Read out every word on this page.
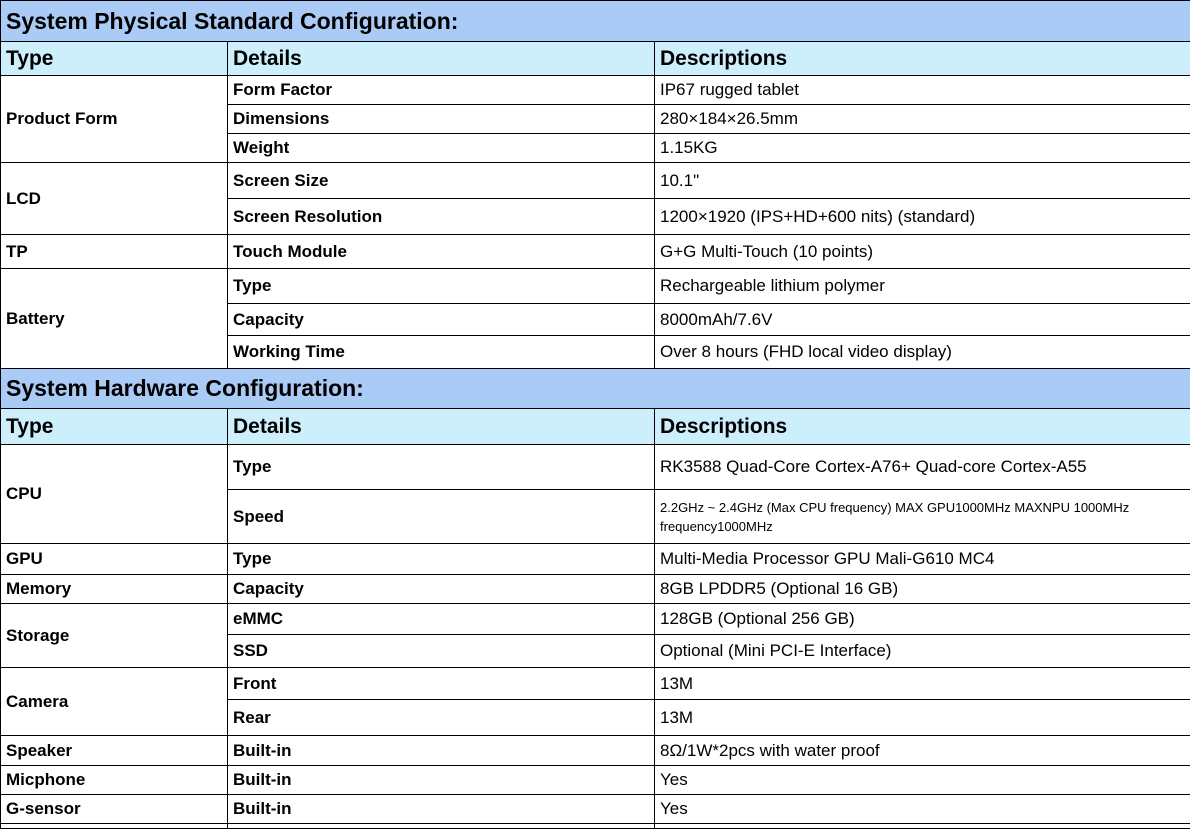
System Physical Standard Configuration:		
Type	Details	Descriptions
Product Form	Form Factor	IP67 rugged tablet
	Dimensions	280×184×26.5mm
	Weight	1.15KG
LCD	Screen Size	10.1"
	Screen Resolution	1200×1920 (IPS+HD+600 nits) (standard)
TP	Touch Module	G+G Multi-Touch (10 points)
Battery	Type	Rechargeable lithium polymer
	Capacity	8000mAh/7.6V
	Working Time	Over 8 hours (FHD local video display)
System Hardware Configuration:		
Type	Details	Descriptions
CPU	Type	RK3588 Quad-Core Cortex-A76+ Quad-core Cortex-A55
	Speed	2.2GHz ~ 2.4GHz (Max CPU frequency) MAX GPU1000MHz MAXNPU 1000MHz frequency1000MHz
GPU	Type	Multi-Media Processor GPU Mali-G610 MC4
Memory	Capacity	8GB LPDDR5 (Optional 16 GB)
Storage	eMMC	128GB (Optional 256 GB)
	SSD	Optional (Mini PCI-E Interface)
Camera	Front	13M
	Rear	13M
Speaker	Built-in	8Ω/1W*2pcs with water proof
Micphone	Built-in	Yes
G-sensor	Built-in	Yes
